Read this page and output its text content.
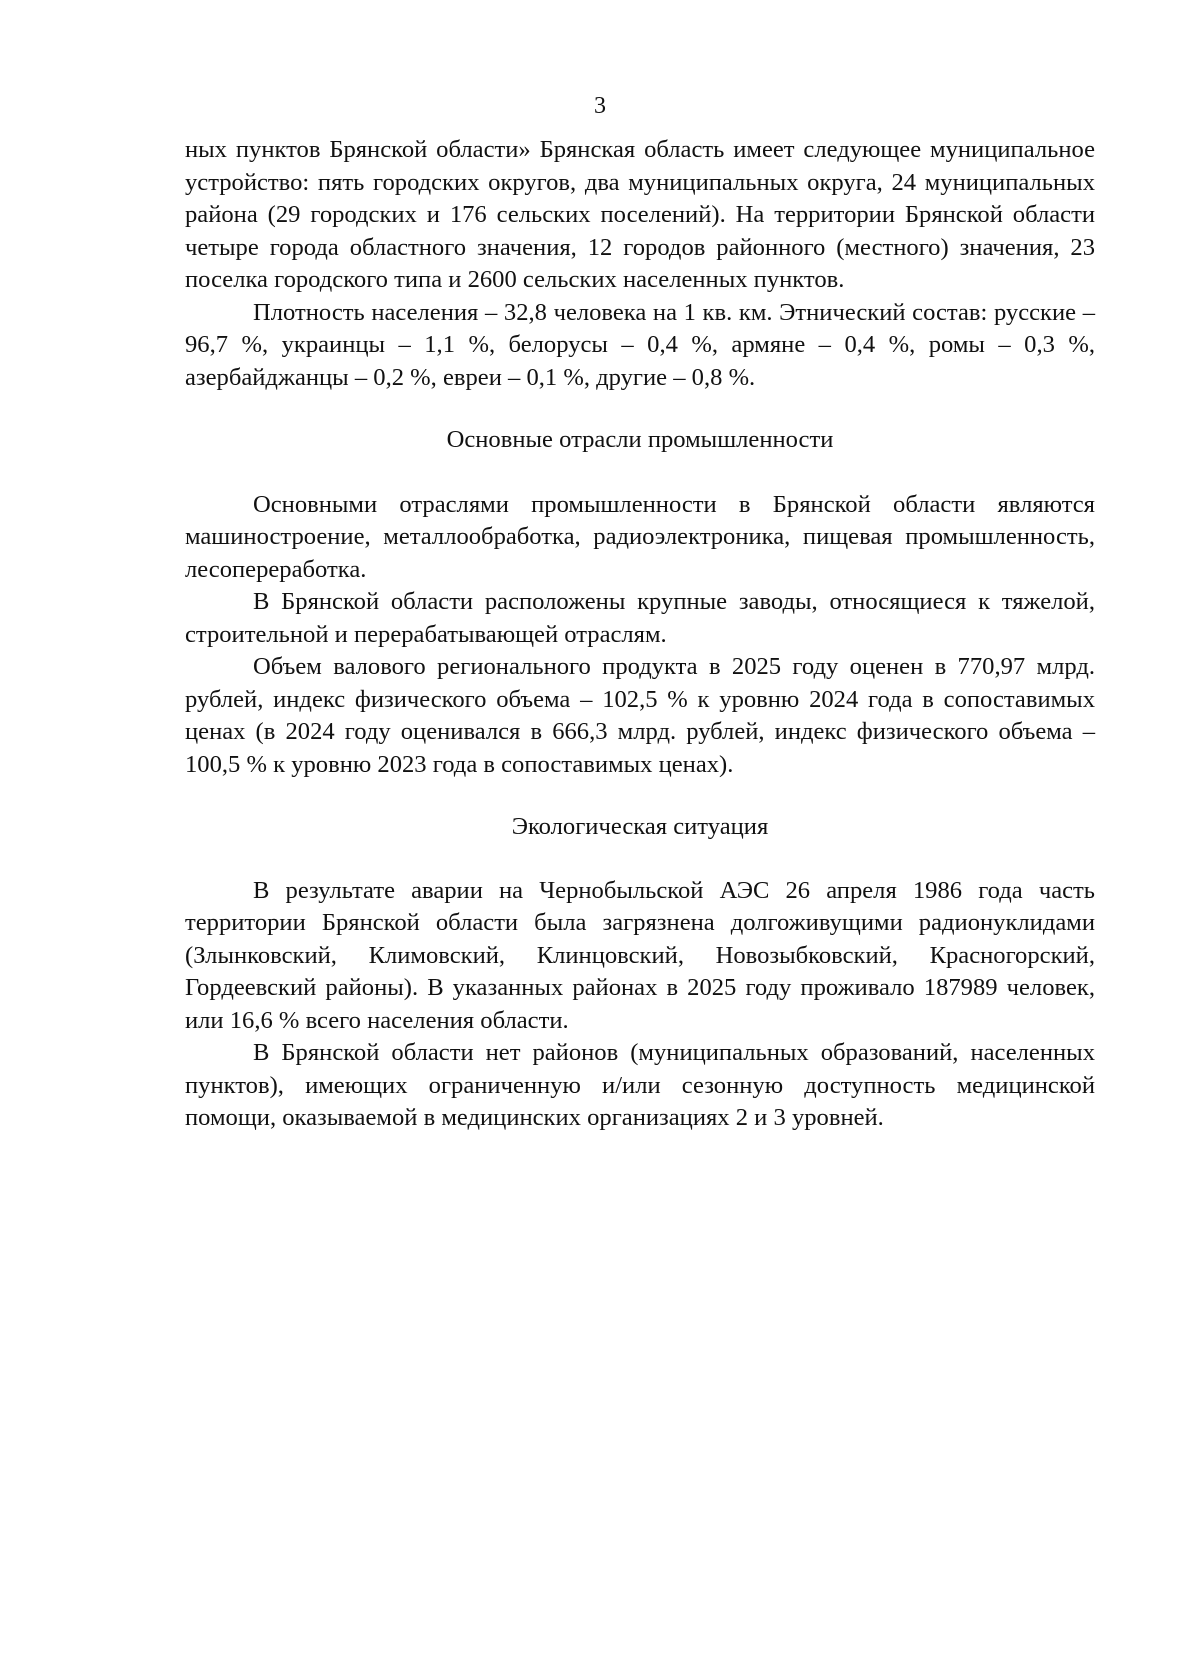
3

ных пунктов Брянской области» Брянская область имеет следующее муниципальное устройство: пять городских округов, два муниципальных округа, 24 муниципальных района (29 городских и 176 сельских поселений). На территории Брянской области четыре города областного значения, 12 городов районного (местного) значения, 23 поселка городского типа и 2600 сельских населенных пунктов.

Плотность населения – 32,8 человека на 1 кв. км. Этнический состав: русские – 96,7 %, украинцы – 1,1 %, белорусы – 0,4 %, армяне – 0,4 %, ромы – 0,3 %, азербайджанцы – 0,2 %, евреи – 0,1 %, другие – 0,8 %.

Основные отрасли промышленности

Основными отраслями промышленности в Брянской области являются машиностроение, металлообработка, радиоэлектроника, пищевая промышленность, лесопереработка.

В Брянской области расположены крупные заводы, относящиеся к тяжелой, строительной и перерабатывающей отраслям.

Объем валового регионального продукта в 2025 году оценен в 770,97 млрд. рублей, индекс физического объема – 102,5 % к уровню 2024 года в сопоставимых ценах (в 2024 году оценивался в 666,3 млрд. рублей, индекс физического объема – 100,5 % к уровню 2023 года в сопоставимых ценах).

Экологическая ситуация

В результате аварии на Чернобыльской АЭС 26 апреля 1986 года часть территории Брянской области была загрязнена долгоживущими радионуклидами (Злынковский, Климовский, Клинцовский, Новозыбковский, Красногорский, Гордеевский районы). В указанных районах в 2025 году проживало 187989 человек, или 16,6 % всего населения области.

В Брянской области нет районов (муниципальных образований, населенных пунктов), имеющих ограниченную и/или сезонную доступность медицинской помощи, оказываемой в медицинских организациях 2 и 3 уровней.
